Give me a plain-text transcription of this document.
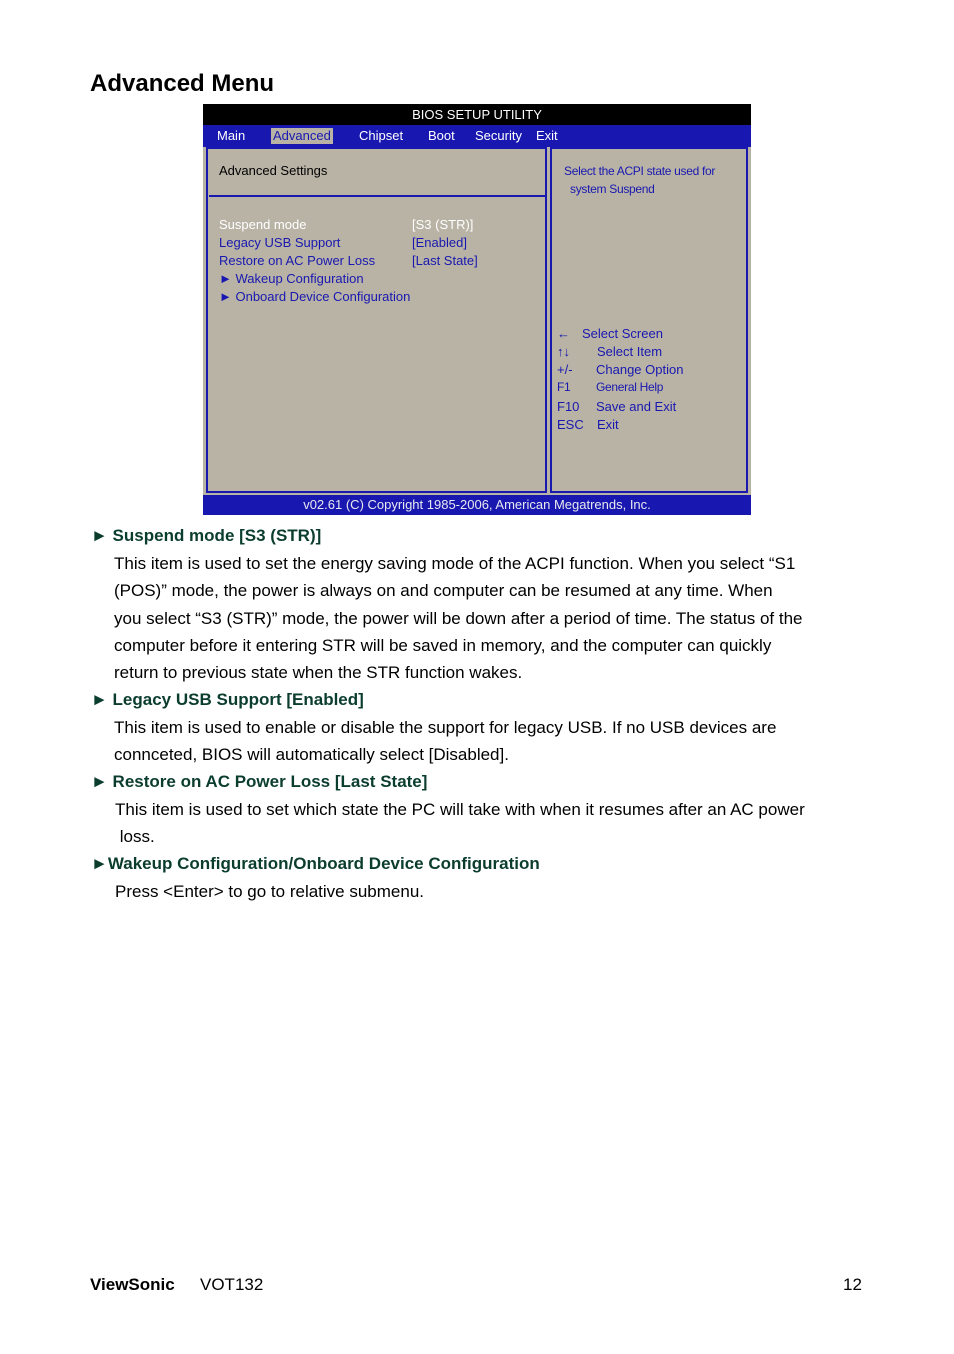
Advanced Menu
BIOS SETUP UTILITY
Main Advanced Chipset Boot Security Exit
Advanced Settings
Suspend mode	[S3 (STR)]
Legacy USB Support	[Enabled]
Restore on AC Power Loss	[Last State]
► Wakeup Configuration
► Onboard Device Configuration
Select the ACPI state used for
system Suspend
← Select Screen
↑↓ Select Item
+/- Change Option
F1 General Help
F10 Save and Exit
ESC Exit
v02.61 (C) Copyright 1985-2006, American Megatrends, Inc.
► Suspend mode [S3 (STR)]
This item is used to set the energy saving mode of the ACPI function. When you select “S1
(POS)” mode, the power is always on and computer can be resumed at any time. When
you select “S3 (STR)” mode, the power will be down after a period of time. The status of the
computer before it entering STR will be saved in memory, and the computer can quickly
return to previous state when the STR function wakes.
► Legacy USB Support [Enabled]
This item is used to enable or disable the support for legacy USB. If no USB devices are
connceted, BIOS will automatically select [Disabled].
► Restore on AC Power Loss [Last State]
This item is used to set which state the PC will take with when it resumes after an AC power
loss.
►Wakeup Configuration/Onboard Device Configuration
Press <Enter> to go to relative submenu.
ViewSonic VOT132	12
